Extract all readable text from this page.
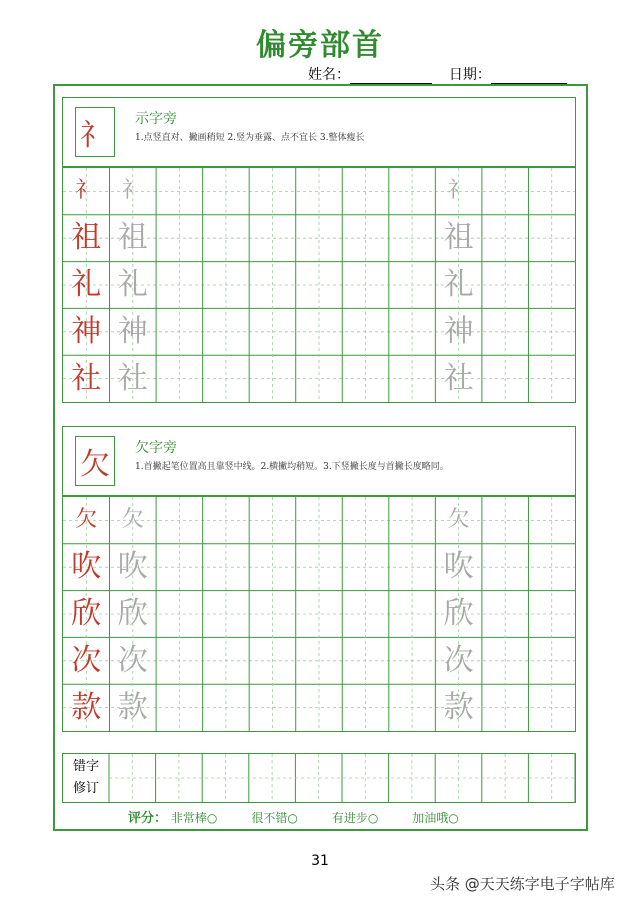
偏旁部首
姓名：	日期：
礻	示字旁
1.点竖直对、撇画稍短 2.竖为垂露、点不宜长 3.整体瘦长
礻	礻	礻
祖 祖	祖
礼 礼	礼
神 神	神
社 社	社
欠	欠字旁
1.首撇起笔位置高且靠竖中线。2.横撇均稍短。3.下竖撇长度与首撇长度略同。
欠	欠	欠
吹 吹	吹
欣 欣	欣
次 次	次
款 款	款
错字
修订
评分： 非常棒○	很不错○	有进步○	加油哦○
31
头条 @天天练字电子字帖库
